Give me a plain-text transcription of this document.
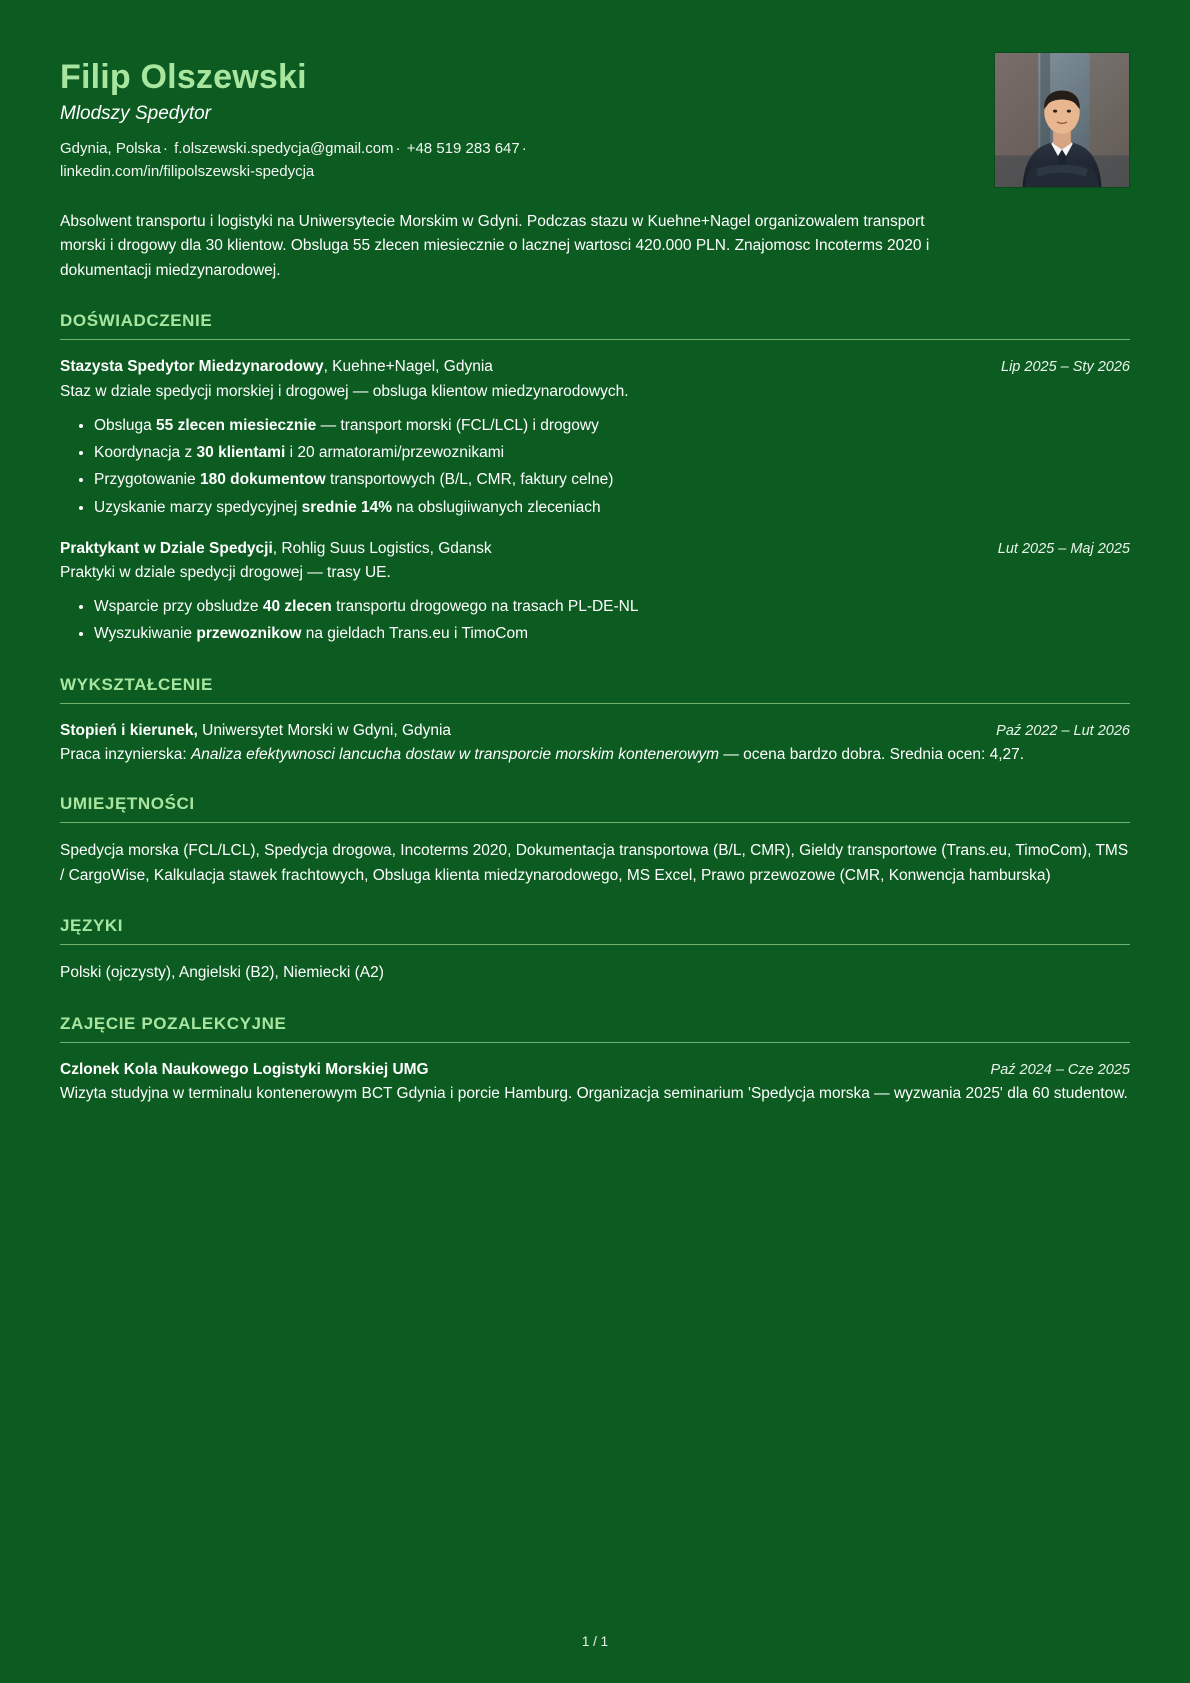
Filip Olszewski
Mlodszy Spedytor
Gdynia, Polska · f.olszewski.spedycja@gmail.com · +48 519 283 647 ·
linkedin.com/in/filipolszewski-spedycja
Absolwent transportu i logistyki na Uniwersytecie Morskim w Gdyni. Podczas stazu w Kuehne+Nagel organizowalem transport morski i drogowy dla 30 klientow. Obsluga 55 zlecen miesiecznie o lacznej wartosci 420.000 PLN. Znajomosc Incoterms 2020 i dokumentacji miedzynarodowej.
DOŚWIADCZENIE
Stazysta Spedytor Miedzynarodowy, Kuehne+Nagel, Gdynia	Lip 2025 – Sty 2026
Staz w dziale spedycji morskiej i drogowej — obsluga klientow miedzynarodowych.
• Obsluga 55 zlecen miesiecznie — transport morski (FCL/LCL) i drogowy
• Koordynacja z 30 klientami i 20 armatorami/przewoznikami
• Przygotowanie 180 dokumentow transportowych (B/L, CMR, faktury celne)
• Uzyskanie marzy spedycyjnej srednie 14% na obslugiiwanych zleceniach
Praktykant w Dziale Spedycji, Rohlig Suus Logistics, Gdansk	Lut 2025 – Maj 2025
Praktyki w dziale spedycji drogowej — trasy UE.
• Wsparcie przy obsludze 40 zlecen transportu drogowego na trasach PL-DE-NL
• Wyszukiwanie przewoznikow na gieldach Trans.eu i TimoCom
WYKSZTAŁCENIE
Stopień i kierunek, Uniwersytet Morski w Gdyni, Gdynia	Paź 2022 – Lut 2026
Praca inzynierska: Analiza efektywnosci lancucha dostaw w transporcie morskim kontenerowym — ocena bardzo dobra. Srednia ocen: 4,27.
UMIEJĘTNOŚCI
Spedycja morska (FCL/LCL), Spedycja drogowa, Incoterms 2020, Dokumentacja transportowa (B/L, CMR), Gieldy transportowe (Trans.eu, TimoCom), TMS / CargoWise, Kalkulacja stawek frachtowych, Obsluga klienta miedzynarodowego, MS Excel, Prawo przewozowe (CMR, Konwencja hamburska)
JĘZYKI
Polski (ojczysty), Angielski (B2), Niemiecki (A2)
ZAJĘCIE POZALEKCYJNE
Czlonek Kola Naukowego Logistyki Morskiej UMG	Paź 2024 – Cze 2025
Wizyta studyjna w terminalu kontenerowym BCT Gdynia i porcie Hamburg. Organizacja seminarium 'Spedycja morska — wyzwania 2025' dla 60 studentow.
1 / 1
